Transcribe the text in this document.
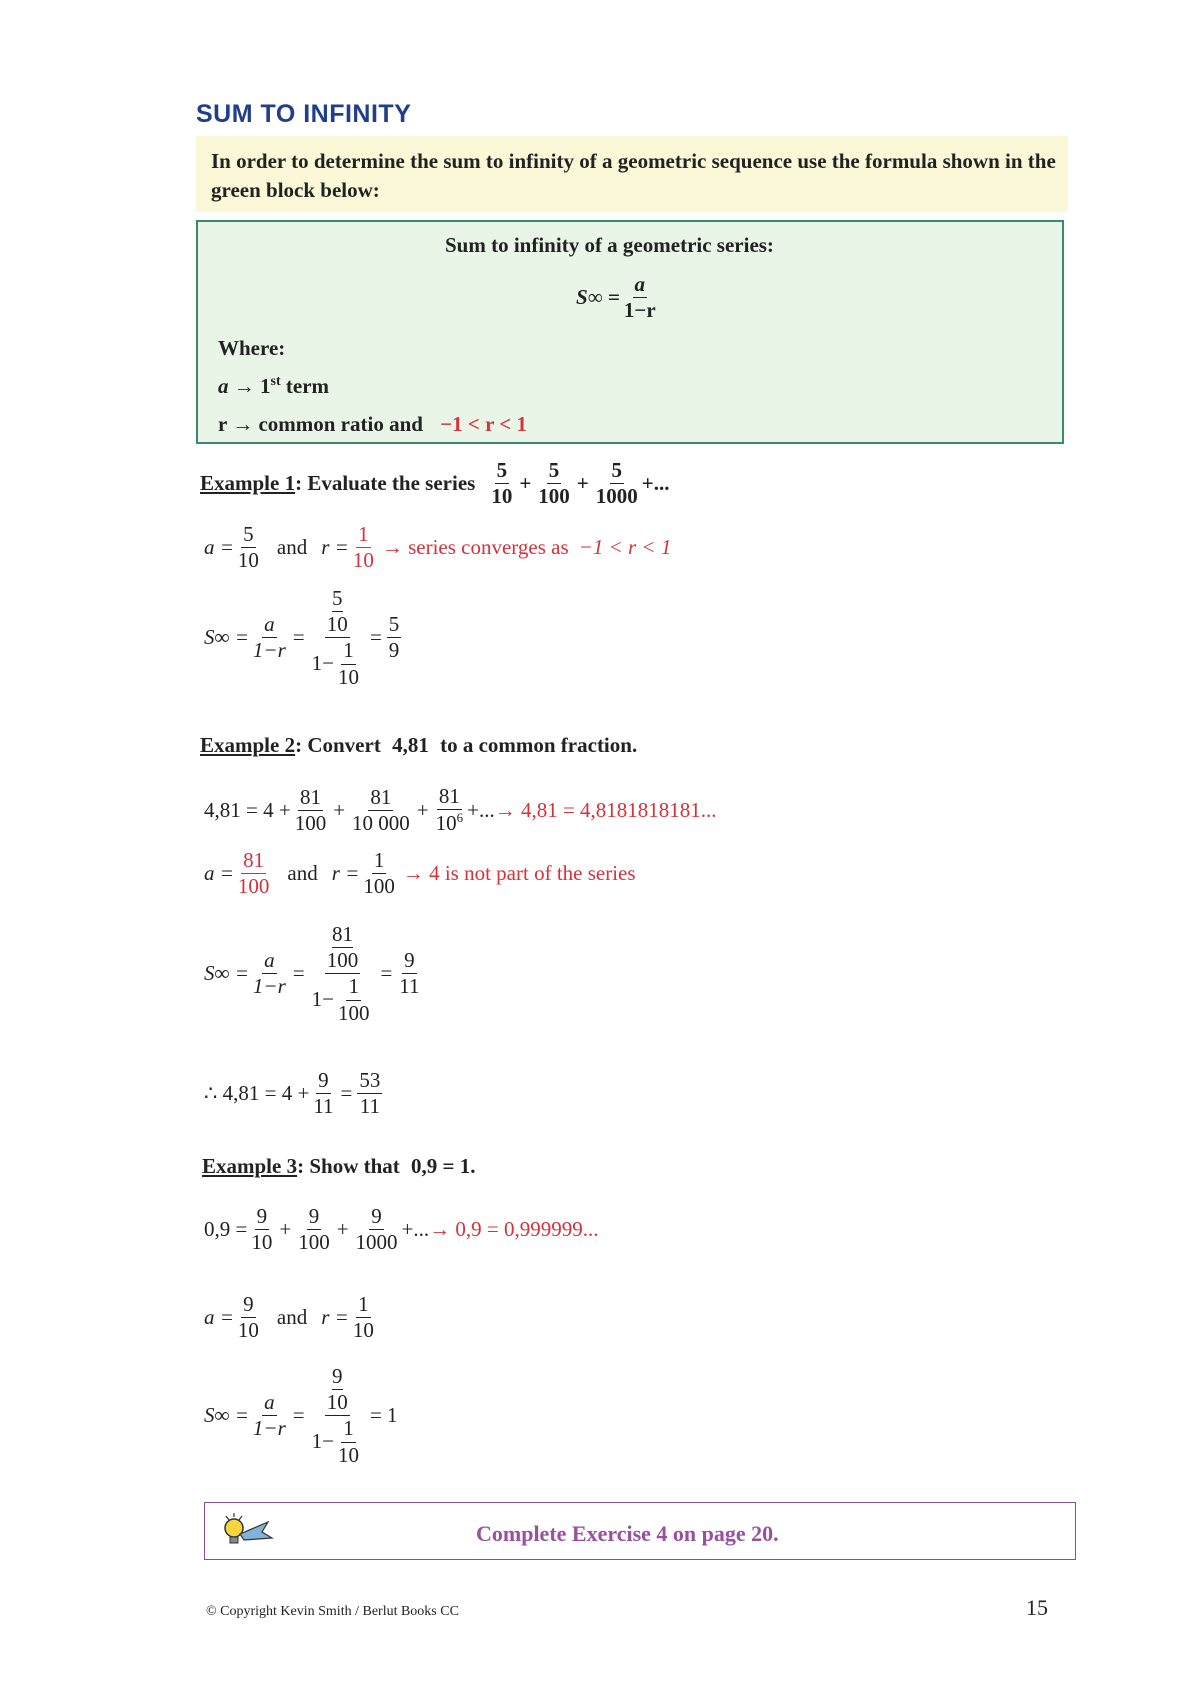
SUM TO INFINITY
In order to determine the sum to infinity of a geometric sequence use the formula shown in the green block below:
Sum to infinity of a geometric series:
$S\infty = \frac{a}{1-r}$
Where:
a → 1st term
r → common ratio and −1 < r < 1
Example 1: Evaluate the series $\frac{5}{10} + \frac{5}{100} + \frac{5}{1000}$ +...
$a = \frac{5}{10}$ and $r = \frac{1}{10}$ → series converges as −1 < r < 1
$S\infty = \frac{a}{1-r} = 5$
10
$1- \frac{1}{10} = \frac{5}{9}$
Example 2: Convert 4,81 to a common fraction.
$4,81 = 4 + \frac{81}{100} + \frac{81}{10 000} + \frac{81}{10^6}$ +... → 4,81 = 4,8181818181...
$a = \frac{81}{100}$ and $r = \frac{1}{100} \to 4$ is not part of the series
$S\infty = \frac{a}{1-r} = 81$
100
$1- \frac{1}{100} = \frac{9}{11}$
∴ $4,81 = 4 + \frac{9}{11} = \frac{53}{11}$
Example 3: Show that 0,9 = 1.
$0,9 = \frac{9}{10} + \frac{9}{100} + \frac{9}{1000}$ +... → 0,9 = 0,999999...
$a = \frac{9}{10}$ and $r = \frac{1}{10}$
$S\infty = \frac{a}{1-r} = 9$
10
$1- \frac{1}{10} = 1$
Complete Exercise 4 on page 20.
© Copyright Kevin Smith / Berlut Books CC	15
